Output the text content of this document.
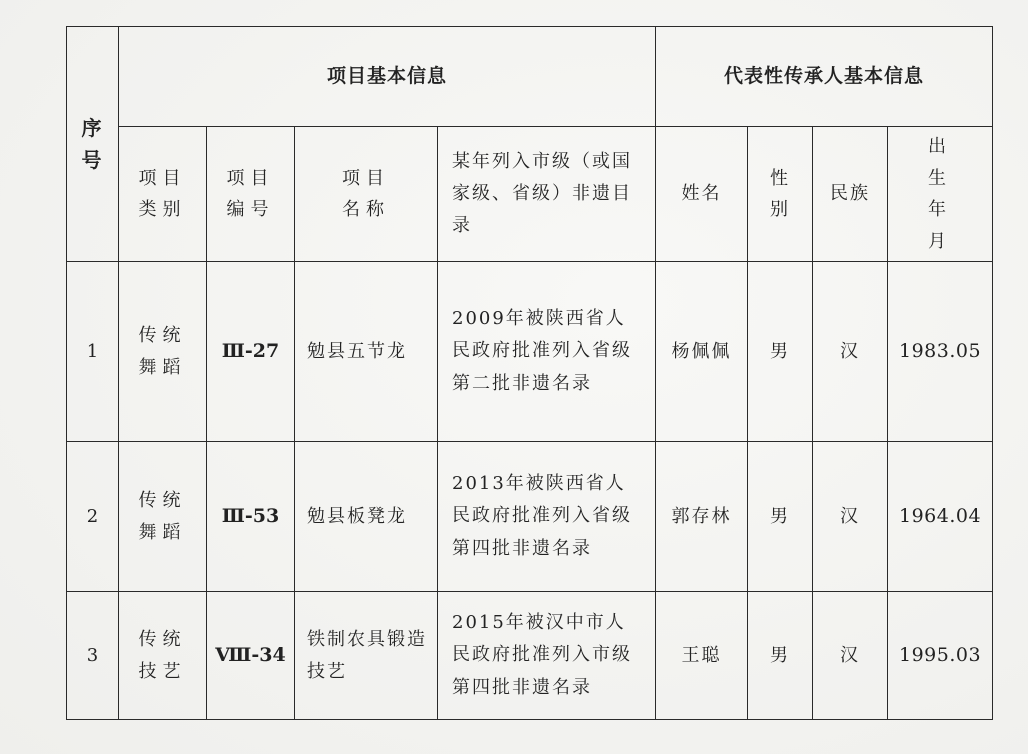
序号	项目基本信息				代表性传承人基本信息			
	项目类别	项目编号	项目名称	某年列入市级（或国家级、省级）非遗目录	姓名	性别	民族	出生年月
1	传统舞蹈	Ⅲ-27	勉县五节龙	2009年被陕西省人民政府批准列入省级第二批非遗名录	杨佩佩	男	汉	1983.05
2	传统舞蹈	Ⅲ-53	勉县板凳龙	2013年被陕西省人民政府批准列入省级第四批非遗名录	郭存林	男	汉	1964.04
3	传统技艺	Ⅷ-34	铁制农具锻造技艺	2015年被汉中市人民政府批准列入市级第四批非遗名录	王聪	男	汉	1995.03
